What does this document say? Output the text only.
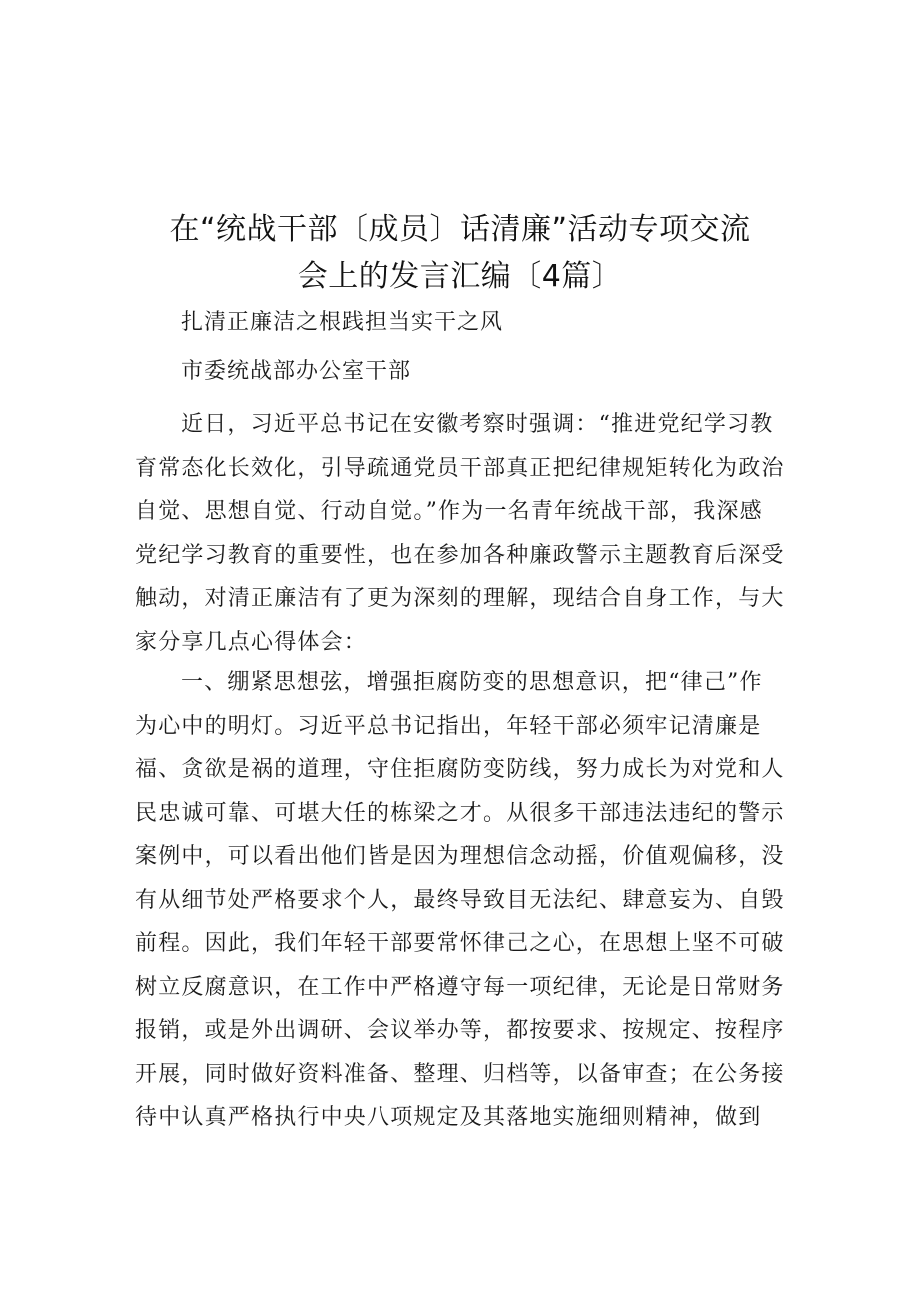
在“统战干部〔成员〕话清廉”活动专项交流
会上的发言汇编〔4篇〕
扎清正廉洁之根践担当实干之风
市委统战部办公室干部
近日，习近平总书记在安徽考察时强调：“推进党纪学习教
育常态化长效化，引导疏通党员干部真正把纪律规矩转化为政治
自觉、思想自觉、行动自觉。”作为一名青年统战干部，我深感
党纪学习教育的重要性，也在参加各种廉政警示主题教育后深受
触动，对清正廉洁有了更为深刻的理解，现结合自身工作，与大
家分享几点心得体会：
一、绷紧思想弦，增强拒腐防变的思想意识，把“律己”作
为心中的明灯。习近平总书记指出，年轻干部必须牢记清廉是
福、贪欲是祸的道理，守住拒腐防变防线，努力成长为对党和人
民忠诚可靠、可堪大任的栋梁之才。从很多干部违法违纪的警示
案例中，可以看出他们皆是因为理想信念动摇，价值观偏移，没
有从细节处严格要求个人，最终导致目无法纪、肆意妄为、自毁
前程。因此，我们年轻干部要常怀律己之心，在思想上坚不可破
树立反腐意识，在工作中严格遵守每一项纪律，无论是日常财务
报销，或是外出调研、会议举办等，都按要求、按规定、按程序
开展，同时做好资料准备、整理、归档等，以备审查；在公务接
待中认真严格执行中央八项规定及其落地实施细则精神，做到
